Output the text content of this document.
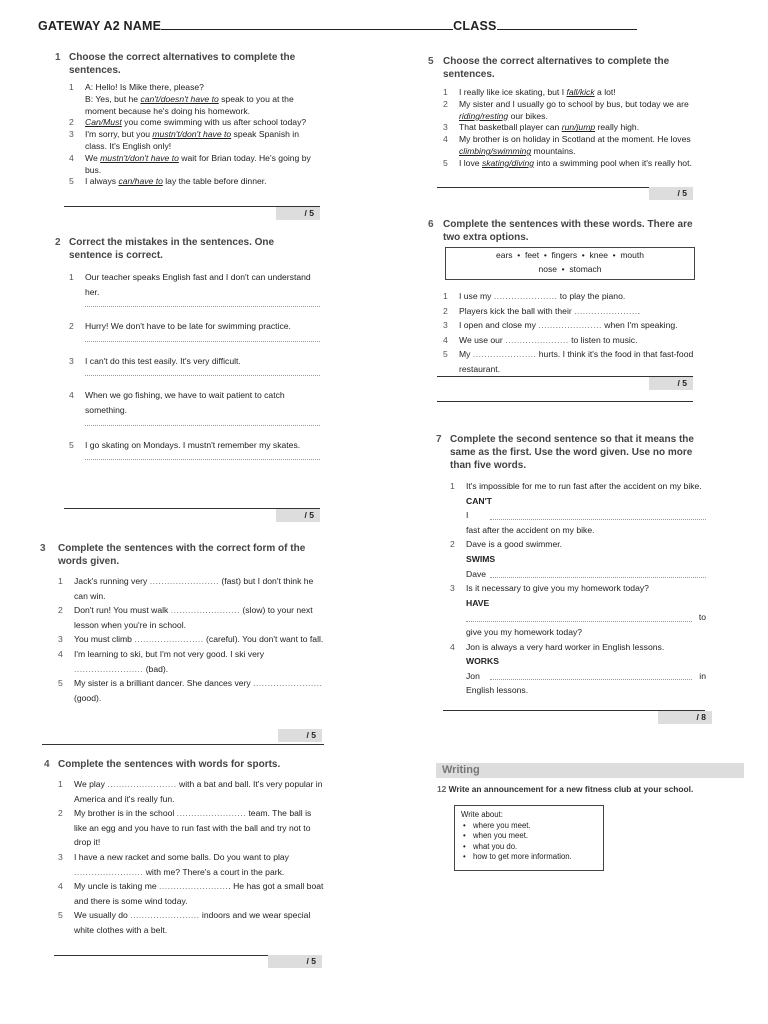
GATEWAY A2 NAME	CLASS
1 Choose the correct alternatives to complete the sentences.
1 A: Hello! Is Mike there, please?
B: Yes, but he can't/doesn't have to speak to you at the moment because he's doing his homework.
2 Can/Must you come swimming with us after school today?
3 I'm sorry, but you mustn't/don't have to speak Spanish in class. It's English only!
4 We mustn't/don't have to wait for Brian today. He's going by bus.
5 I always can/have to lay the table before dinner.
/ 5
2 Correct the mistakes in the sentences. One sentence is correct.
1 Our teacher speaks English fast and I don't can understand her.
2 Hurry! We don't have to be late for swimming practice.
3 I can't do this test easily. It's very difficult.
4 When we go fishing, we have to wait patient to catch something.
5 I go skating on Mondays. I mustn't remember my skates.
/ 5
3 Complete the sentences with the correct form of the words given.
1 Jack's running very ........................ (fast) but I don't think he can win.
2 Don't run! You must walk ........................ (slow) to your next lesson when you're in school.
3 You must climb ........................ (careful). You don't want to fall.
4 I'm learning to ski, but I'm not very good. I ski very ........................ (bad).
5 My sister is a brilliant dancer. She dances very ........................ (good).
/ 5
4 Complete the sentences with words for sports.
1 We play ........................ with a bat and ball. It's very popular in America and it's really fun.
2 My brother is in the school ........................ team. The ball is like an egg and you have to run fast with the ball and try not to drop it!
3 I have a new racket and some balls. Do you want to play ........................ with me? There's a court in the park.
4 My uncle is taking me ......................... He has got a small boat and there is some wind today.
5 We usually do ........................ indoors and we wear special white clothes with a belt.
/ 5
5 Choose the correct alternatives to complete the sentences.
1 I really like ice skating, but I fall/kick a lot!
2 My sister and I usually go to school by bus, but today we are riding/resting our bikes.
3 That basketball player can run/jump really high.
4 My brother is on holiday in Scotland at the moment. He loves climbing/swimming mountains.
5 I love skating/diving into a swimming pool when it's really hot.
/ 5
6 Complete the sentences with these words. There are two extra options.
ears  •  feet  •  fingers  •  knee  •  mouth
nose  •  stomach
1 I use my ...................... to play the piano.
2 Players kick the ball with their .......................
3 I open and close my ...................... when I'm speaking.
4 We use our ...................... to listen to music.
5 My ...................... hurts. I think it's the food in that fast-food restaurant.
/ 5
7 Complete the second sentence so that it means the same as the first. Use the word given. Use no more than five words.
1 It's impossible for me to run fast after the accident on my bike.
CAN'T
I
fast after the accident on my bike.
2 Dave is a good swimmer.
SWIMS
Dave
3 Is it necessary to give you my homework today?
HAVE
to
give you my homework today?
4 Jon is always a very hard worker in English lessons.
WORKS
Jon	in
English lessons.
/ 8
Writing
12 Write an announcement for a new fitness club at your school.
Write about:
• where you meet.
• when you meet.
• what you do.
• how to get more information.
